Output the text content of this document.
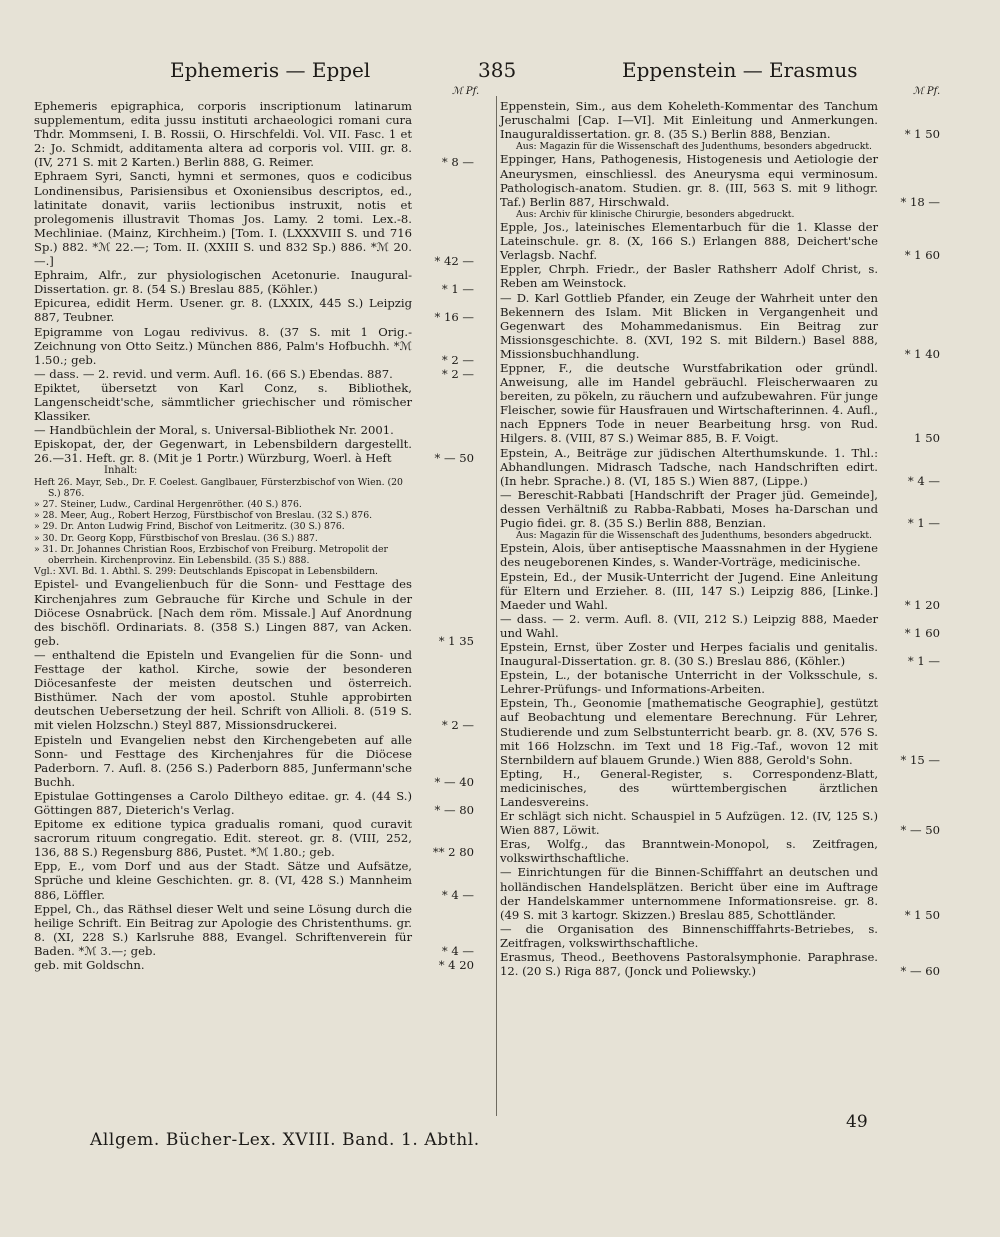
Ephemeris — Eppel	385	Eppenstein — Erasmus
ℳ Pf.	ℳ Pf.
Ephemeris epigraphica, corporis inscriptionum latinarum supplementum, edita jussu instituti archaeologici romani cura Thdr. Mommseni, I. B. Rossii, O. Hirschfeldi. Vol. VII. Fasc. 1 et 2: Jo. Schmidt, additamenta altera ad corporis vol. VIII. gr. 8. (IV, 271 S. mit 2 Karten.) Berlin 888, G. Reimer.	* 8 —
Ephraem Syri, Sancti, hymni et sermones, quos e codicibus Londinensibus, Parisiensibus et Oxoniensibus descriptos, ed., latinitate donavit, variis lectionibus instruxit, notis et prolegomenis illustravit Thomas Jos. Lamy. 2 tomi. Lex.-8. Mechliniae. (Mainz, Kirchheim.) [Tom. I. (LXXXVIII S. und 716 Sp.) 882. *ℳ 22.—; Tom. II. (XXIII S. und 832 Sp.) 886. *ℳ 20.—.]	* 42 —
Ephraim, Alfr., zur physiologischen Acetonurie. Inaugural-Dissertation. gr. 8. (54 S.) Breslau 885, (Köhler.)	* 1 —
Epicurea, edidit Herm. Usener. gr. 8. (LXXIX, 445 S.) Leipzig 887, Teubner.	* 16 —
Epigramme von Logau redivivus. 8. (37 S. mit 1 Orig.-Zeichnung von Otto Seitz.) München 886, Palm's Hofbuchh. *ℳ 1.50.; geb.	* 2 —
— dass. — 2. revid. und verm. Aufl. 16. (66 S.) Ebendas. 887.	* 2 —
Epiktet, übersetzt von Karl Conz, s. Bibliothek, Langenscheidt'sche, sämmtlicher griechischer und römischer Klassiker.
— Handbüchlein der Moral, s. Universal-Bibliothek Nr. 2001.
Episkopat, der, der Gegenwart, in Lebensbildern dargestellt. 26.—31. Heft. gr. 8. (Mit je 1 Portr.) Würzburg, Woerl. à Heft	* — 50
Inhalt:
Heft 26. Mayr, Seb., Dr. F. Coelest. Ganglbauer, Fürsterzbischof von Wien. (20 S.) 876.
» 27. Steiner, Ludw., Cardinal Hergenröther. (40 S.) 876.
» 28. Meer, Aug., Robert Herzog, Fürstbischof von Breslau. (32 S.) 876.
» 29. Dr. Anton Ludwig Frind, Bischof von Leitmeritz. (30 S.) 876.
» 30. Dr. Georg Kopp, Fürstbischof von Breslau. (36 S.) 887.
» 31. Dr. Johannes Christian Roos, Erzbischof von Freiburg. Metropolit der oberrhein. Kirchenprovinz. Ein Lebensbild. (35 S.) 888.
Vgl.: XVI. Bd. 1. Abthl. S. 299: Deutschlands Episcopat in Lebensbildern.
Epistel- und Evangelienbuch für die Sonn- und Festtage des Kirchenjahres zum Gebrauche für Kirche und Schule in der Diöcese Osnabrück. [Nach dem röm. Missale.] Auf Anordnung des bischöfl. Ordinariats. 8. (358 S.) Lingen 887, van Acken. geb.	* 1 35
— enthaltend die Episteln und Evangelien für die Sonn- und Festtage der kathol. Kirche, sowie der besonderen Diöcesanfeste der meisten deutschen und österreich. Bisthümer. Nach der vom apostol. Stuhle approbirten deutschen Uebersetzung der heil. Schrift von Allioli. 8. (519 S. mit vielen Holzschn.) Steyl 887, Missionsdruckerei.	* 2 —
Episteln und Evangelien nebst den Kirchengebeten auf alle Sonn- und Festtage des Kirchenjahres für die Diöcese Paderborn. 7. Aufl. 8. (256 S.) Paderborn 885, Junfermann'sche Buchh.	* — 40
Epistulae Gottingenses a Carolo Diltheyo editae. gr. 4. (44 S.) Göttingen 887, Dieterich's Verlag.	* — 80
Epitome ex editione typica gradualis romani, quod curavit sacrorum rituum congregatio. Edit. stereot. gr. 8. (VIII, 252, 136, 88 S.) Regensburg 886, Pustet. *ℳ 1.80.; geb.	** 2 80
Epp, E., vom Dorf und aus der Stadt. Sätze und Aufsätze, Sprüche und kleine Geschichten. gr. 8. (VI, 428 S.) Mannheim 886, Löffler.	* 4 —
Eppel, Ch., das Räthsel dieser Welt und seine Lösung durch die heilige Schrift. Ein Beitrag zur Apologie des Christenthums. gr. 8. (XI, 228 S.) Karlsruhe 888, Evangel. Schriftenverein für Baden. *ℳ 3.—; geb.	* 4 —
geb. mit Goldschn.	* 4 20
Eppenstein, Sim., aus dem Koheleth-Kommentar des Tanchum Jeruschalmi [Cap. I—VI]. Mit Einleitung und Anmerkungen. Inauguraldissertation. gr. 8. (35 S.) Berlin 888, Benzian.	* 1 50
Aus: Magazin für die Wissenschaft des Judenthums, besonders abgedruckt.
Eppinger, Hans, Pathogenesis, Histogenesis und Aetiologie der Aneurysmen, einschliessl. des Aneurysma equi verminosum. Pathologisch-anatom. Studien. gr. 8. (III, 563 S. mit 9 lithogr. Taf.) Berlin 887, Hirschwald.	* 18 —
Aus: Archiv für klinische Chirurgie, besonders abgedruckt.
Epple, Jos., lateinisches Elementarbuch für die 1. Klasse der Lateinschule. gr. 8. (X, 166 S.) Erlangen 888, Deichert'sche Verlagsb. Nachf.	* 1 60
Eppler, Chrph. Friedr., der Basler Rathsherr Adolf Christ, s. Reben am Weinstock.
— D. Karl Gottlieb Pfander, ein Zeuge der Wahrheit unter den Bekennern des Islam. Mit Blicken in Vergangenheit und Gegenwart des Mohammedanismus. Ein Beitrag zur Missionsgeschichte. 8. (XVI, 192 S. mit Bildern.) Basel 888, Missionsbuchhandlung.	* 1 40
Eppner, F., die deutsche Wurstfabrikation oder gründl. Anweisung, alle im Handel gebräuchl. Fleischerwaaren zu bereiten, zu pökeln, zu räuchern und aufzubewahren. Für junge Fleischer, sowie für Hausfrauen und Wirtschafterinnen. 4. Aufl., nach Eppners Tode in neuer Bearbeitung hrsg. von Rud. Hilgers. 8. (VIII, 87 S.) Weimar 885, B. F. Voigt.	1 50
Epstein, A., Beiträge zur jüdischen Alterthumskunde. 1. Thl.: Abhandlungen. Midrasch Tadsche, nach Handschriften edirt. (In hebr. Sprache.) 8. (VI, 185 S.) Wien 887, (Lippe.)	* 4 —
— Bereschit-Rabbati [Handschrift der Prager jüd. Gemeinde], dessen Verhältniß zu Rabba-Rabbati, Moses ha-Darschan und Pugio fidei. gr. 8. (35 S.) Berlin 888, Benzian.	* 1 —
Aus: Magazin für die Wissenschaft des Judenthums, besonders abgedruckt.
Epstein, Alois, über antiseptische Maassnahmen in der Hygiene des neugeborenen Kindes, s. Wander-Vorträge, medicinische.
Epstein, Ed., der Musik-Unterricht der Jugend. Eine Anleitung für Eltern und Erzieher. 8. (III, 147 S.) Leipzig 886, [Linke.] Maeder und Wahl.	* 1 20
— dass. — 2. verm. Aufl. 8. (VII, 212 S.) Leipzig 888, Maeder und Wahl.	* 1 60
Epstein, Ernst, über Zoster und Herpes facialis und genitalis. Inaugural-Dissertation. gr. 8. (30 S.) Breslau 886, (Köhler.)	* 1 —
Epstein, L., der botanische Unterricht in der Volksschule, s. Lehrer-Prüfungs- und Informations-Arbeiten.
Epstein, Th., Geonomie [mathematische Geographie], gestützt auf Beobachtung und elementare Berechnung. Für Lehrer, Studierende und zum Selbstunterricht bearb. gr. 8. (XV, 576 S. mit 166 Holzschn. im Text und 18 Fig.-Taf., wovon 12 mit Sternbildern auf blauem Grunde.) Wien 888, Gerold's Sohn.	* 15 —
Epting, H., General-Register, s. Correspondenz-Blatt, medicinisches, des württembergischen ärztlichen Landesvereins.
Er schlägt sich nicht. Schauspiel in 5 Aufzügen. 12. (IV, 125 S.) Wien 887, Löwit.	* — 50
Eras, Wolfg., das Branntwein-Monopol, s. Zeitfragen, volkswirthschaftliche.
— Einrichtungen für die Binnen-Schifffahrt an deutschen und holländischen Handelsplätzen. Bericht über eine im Auftrage der Handelskammer unternommene Informationsreise. gr. 8. (49 S. mit 3 kartogr. Skizzen.) Breslau 885, Schottländer.	* 1 50
— die Organisation des Binnenschifffahrts-Betriebes, s. Zeitfragen, volkswirthschaftliche.
Erasmus, Theod., Beethovens Pastoralsymphonie. Paraphrase. 12. (20 S.) Riga 887, (Jonck und Poliewsky.)	* — 60
Allgem. Bücher-Lex. XVIII. Band. 1. Abthl.
49
